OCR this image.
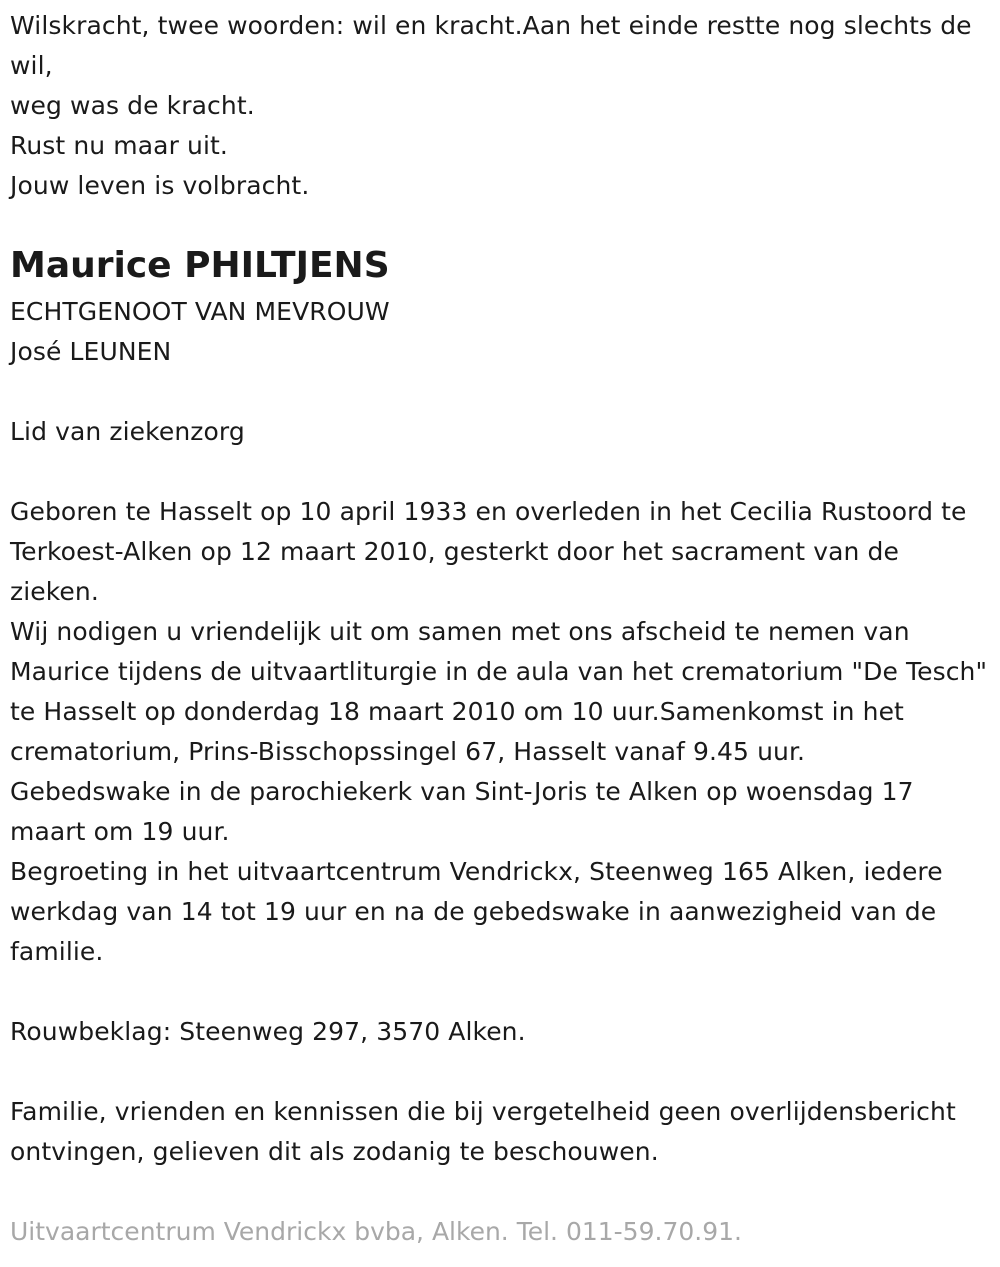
Wilskracht, twee woorden: wil en kracht.Aan het einde restte nog slechts de wil,

weg was de kracht.

Rust nu maar uit.

Jouw leven is volbracht.

Maurice PHILTJENS

ECHTGENOOT VAN MEVROUW

José LEUNEN

Lid van ziekenzorg

Geboren te Hasselt op 10 april 1933 en overleden in het Cecilia Rustoord te Terkoest-Alken op 12 maart 2010, gesterkt door het sacrament van de zieken.

Wij nodigen u vriendelijk uit om samen met ons afscheid te nemen van Maurice tijdens de uitvaartliturgie in de aula van het crematorium "De Tesch" te Hasselt op donderdag 18 maart 2010 om 10 uur.Samenkomst in het crematorium, Prins-Bisschopssingel 67, Hasselt vanaf 9.45 uur.

Gebedswake in de parochiekerk van Sint-Joris te Alken op woensdag 17 maart om 19 uur.

Begroeting in het uitvaartcentrum Vendrickx, Steenweg 165 Alken, iedere werkdag van 14 tot 19 uur en na de gebedswake in aanwezigheid van de familie.

Rouwbeklag: Steenweg 297, 3570 Alken.

Familie, vrienden en kennissen die bij vergetelheid geen overlijdensbericht ontvingen, gelieven dit als zodanig te beschouwen.

Uitvaartcentrum Vendrickx bvba, Alken. Tel. 011-59.70.91.
